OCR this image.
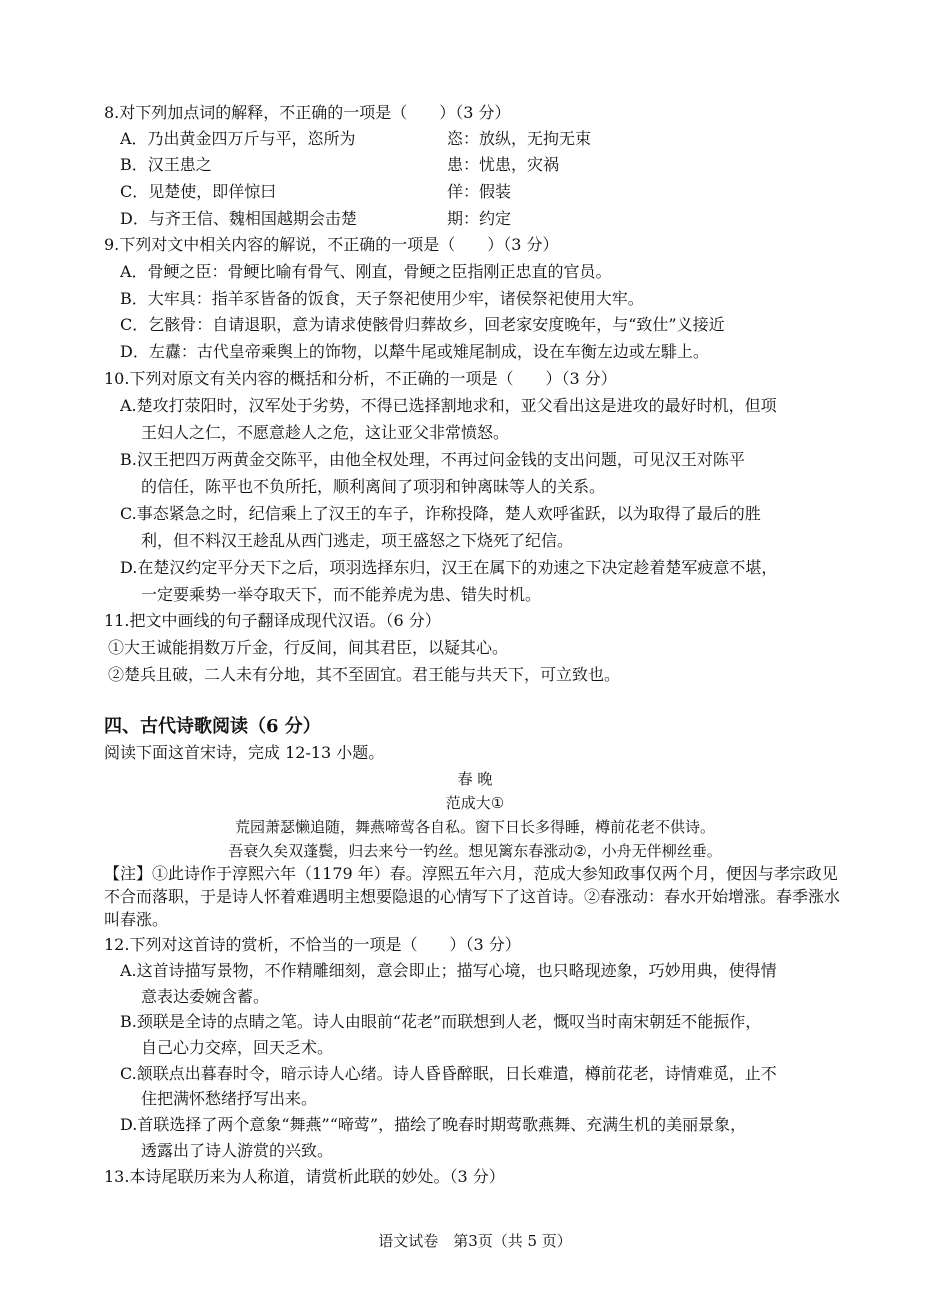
8.对下列加点词的解释，不正确的一项是（　　）（3 分）
A．乃出黄金四万斤与平，恣所为	恣：放纵，无拘无束
B．汉王患之	患：忧患，灾祸
C．见楚使，即佯惊曰	佯：假装
D．与齐王信、魏相国越期会击楚	期：约定
9.下列对文中相关内容的解说，不正确的一项是（　　）（3 分）
A．骨鲠之臣：骨鲠比喻有骨气、刚直，骨鲠之臣指刚正忠直的官员。
B．大牢具：指羊豕皆备的饭食，天子祭祀使用少牢，诸侯祭祀使用大牢。
C．乞骸骨：自请退职，意为请求使骸骨归葬故乡，回老家安度晚年，与“致仕”义接近
D．左纛：古代皇帝乘舆上的饰物，以犛牛尾或雉尾制成，设在车衡左边或左騑上。
10.下列对原文有关内容的概括和分析，不正确的一项是（　　）（3 分）
A.楚攻打荥阳时，汉军处于劣势，不得已选择割地求和，亚父看出这是进攻的最好时机，但项
王妇人之仁，不愿意趁人之危，这让亚父非常愤怒。
B.汉王把四万两黄金交陈平，由他全权处理，不再过问金钱的支出问题，可见汉王对陈平
的信任，陈平也不负所托，顺利离间了项羽和钟离昧等人的关系。
C.事态紧急之时，纪信乘上了汉王的车子，诈称投降，楚人欢呼雀跃，以为取得了最后的胜
利，但不料汉王趁乱从西门逃走，项王盛怒之下烧死了纪信。
D.在楚汉约定平分天下之后，项羽选择东归，汉王在属下的劝速之下决定趁着楚军疲意不堪，
一定要乘势一举夺取天下，而不能养虎为患、错失时机。
11.把文中画线的句子翻译成现代汉语。（6 分）
①大王诚能捐数万斤金，行反间，间其君臣，以疑其心。
②楚兵且破，二人未有分地，其不至固宜。君王能与共天下，可立致也。
四、古代诗歌阅读（6 分）
阅读下面这首宋诗，完成 12-13 小题。
春 晚
范成大①
荒园萧瑟懒追随，舞燕啼莺各自私。窗下日长多得睡，樽前花老不供诗。
吾衰久矣双蓬鬓，归去来兮一钓丝。想见篱东春涨动②，小舟无伴柳丝垂。
【注】①此诗作于淳熙六年（1179 年）春。淳熙五年六月，范成大参知政事仅两个月，便因与孝宗政见不合而落职，于是诗人怀着难遇明主想要隐退的心情写下了这首诗。②春涨动：春水开始增涨。春季涨水叫春涨。
12.下列对这首诗的赏析，不恰当的一项是（　　）（3 分）
A.这首诗描写景物，不作精雕细刻，意会即止；描写心境，也只略现迹象，巧妙用典，使得情
意表达委婉含蓄。
B.颈联是全诗的点睛之笔。诗人由眼前“花老”而联想到人老，慨叹当时南宋朝廷不能振作，
自己心力交瘁，回天乏术。
C.颔联点出暮春时令，暗示诗人心绪。诗人昏昏醉眠，日长难遣，樽前花老，诗情难觅，止不
住把满怀愁绪抒写出来。
D.首联选择了两个意象“舞燕”“啼莺”，描绘了晚春时期莺歌燕舞、充满生机的美丽景象，
透露出了诗人游赏的兴致。
13.本诗尾联历来为人称道，请赏析此联的妙处。（3 分）
语文试卷　第3页（共 5 页）
